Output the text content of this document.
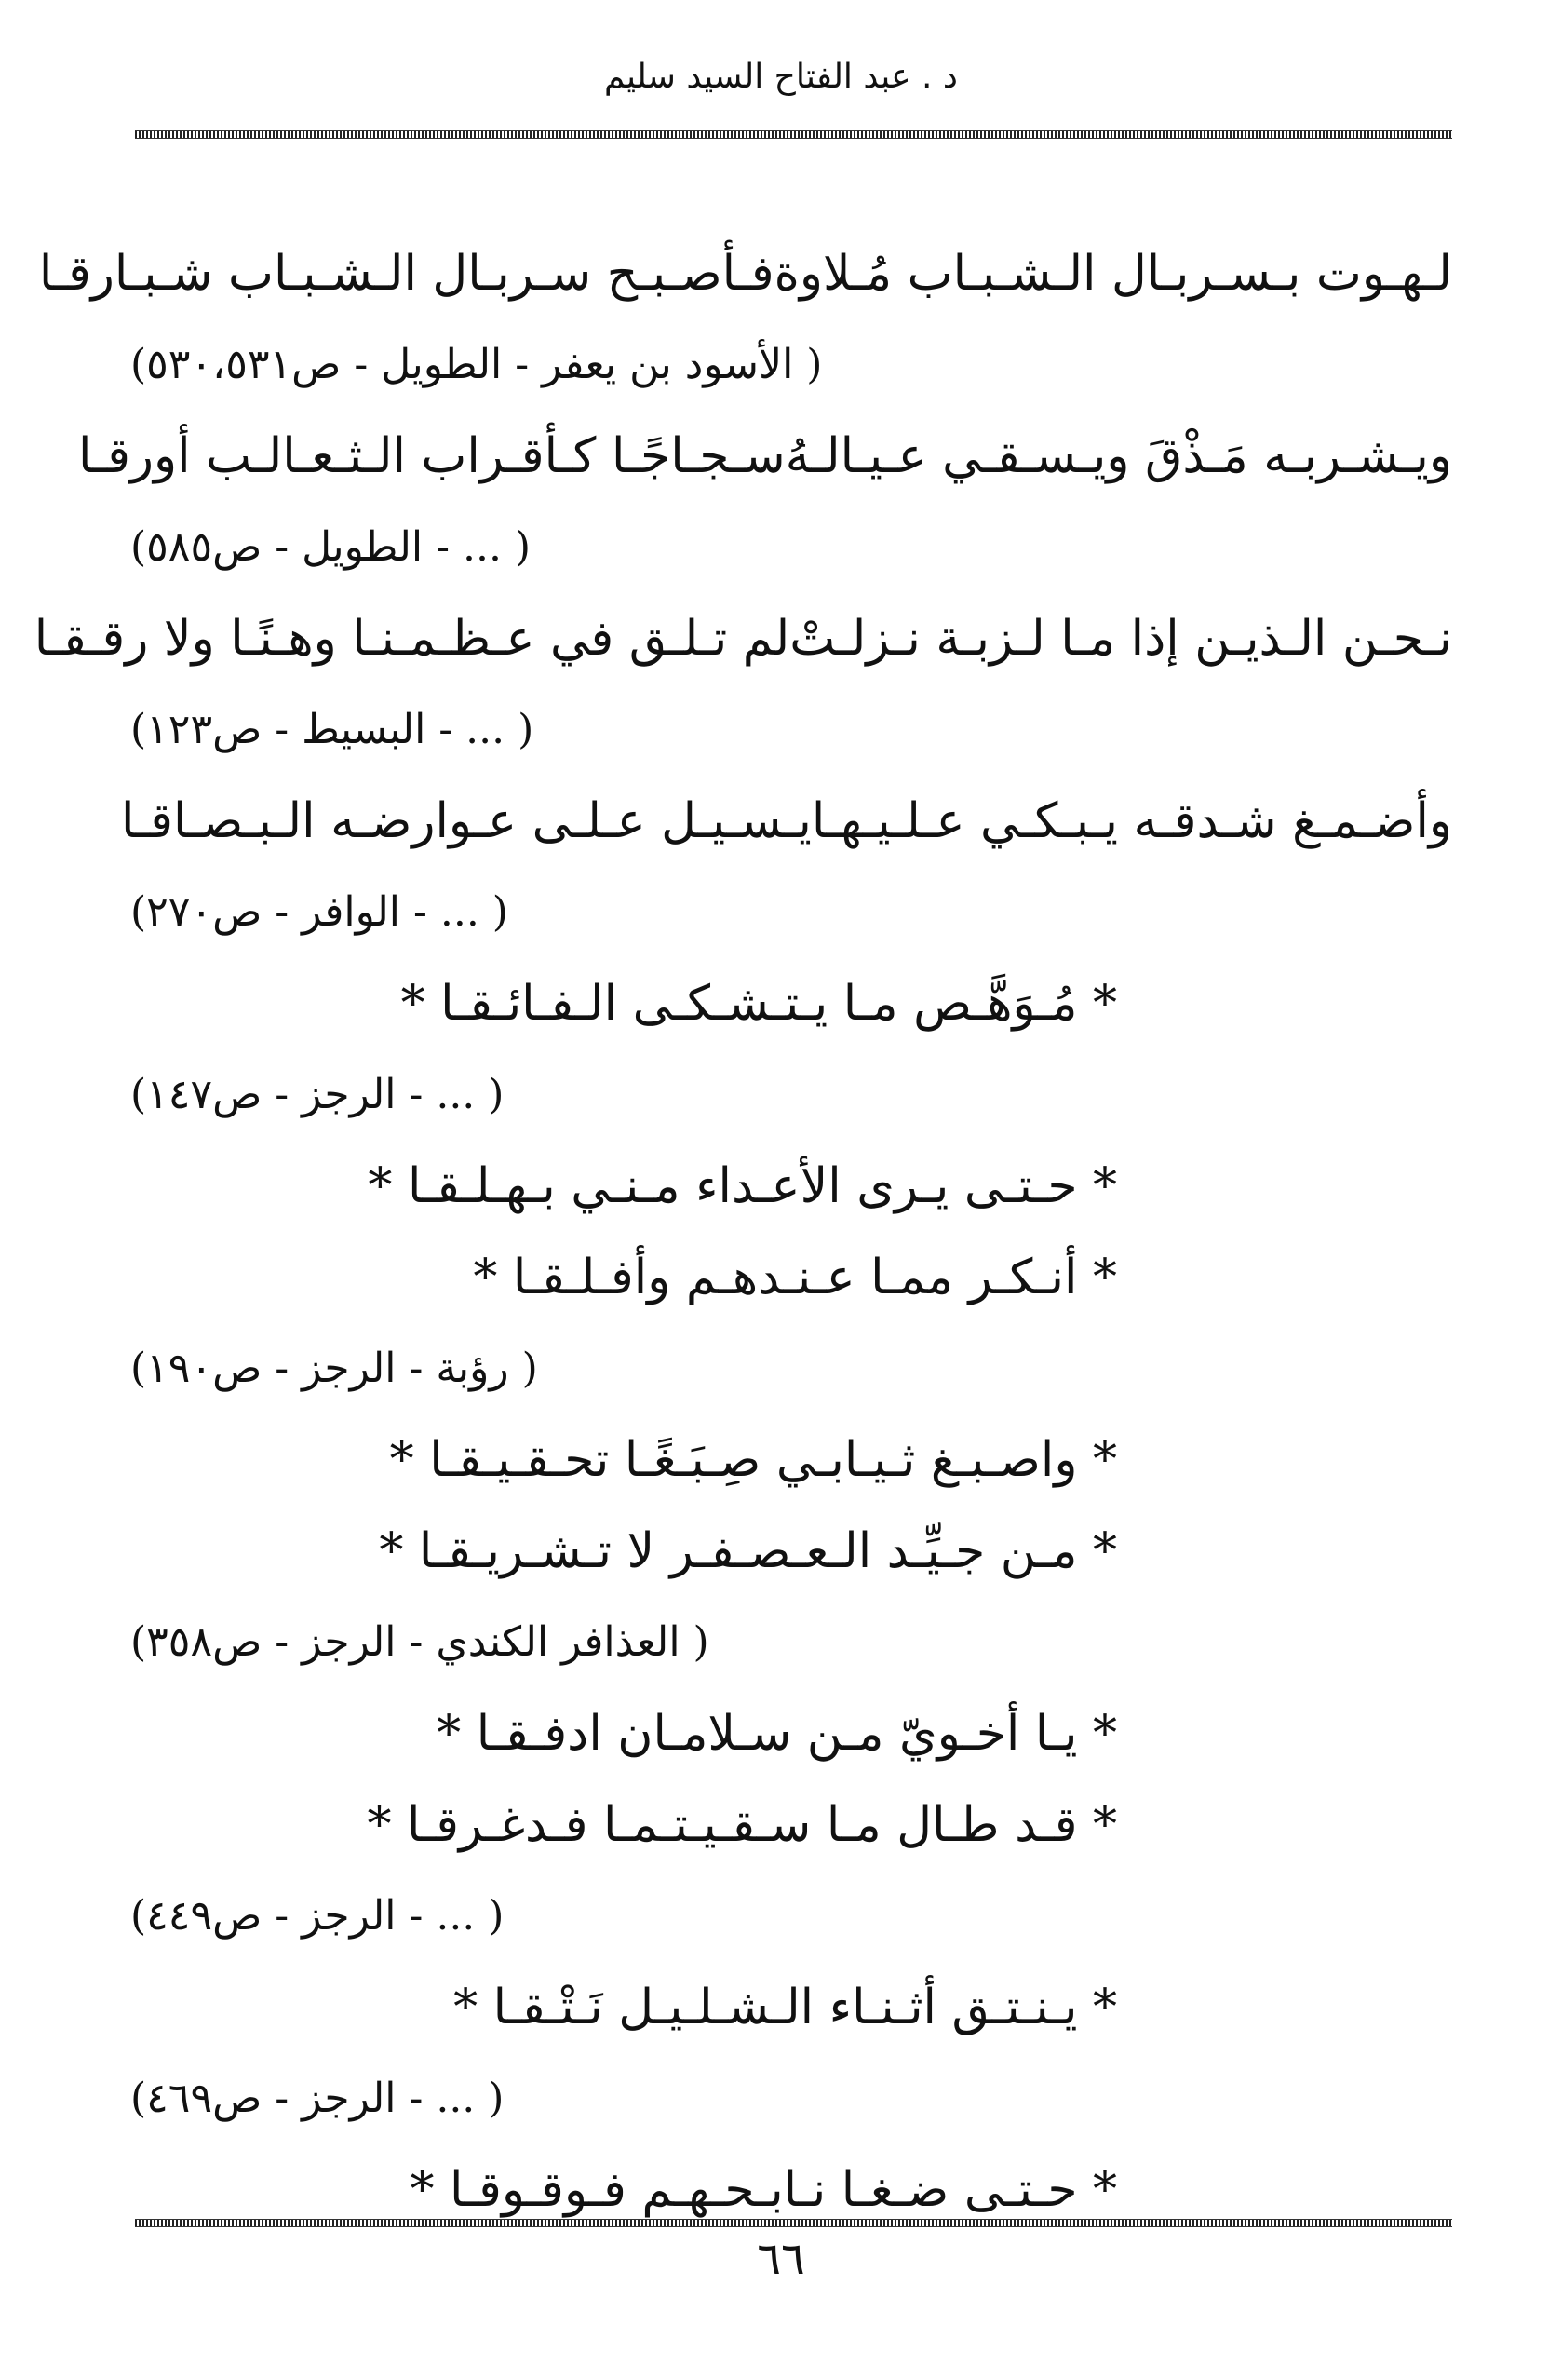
د . عبد الفتاح السيد سليم
لـهـوت بـسـربـال الـشـبـاب مُـلاوة
فـأصـبـح سـربـال الـشـبـاب شـبـارقـا
( الأسود بن يعفر - الطويل - ص٥٣٠،٥٣١)
ويـشـربـه مَـذْقَ ويـسـقـي عـيـالـهُ
سـجـاجًـا كـأقـراب الـثـعـالـب أورقـا
( ... - الطويل - ص٥٨٥)
نـحـن الـذيـن إذا مـا لـزبـة نـزلـتْ
لم تـلـق في عـظـمـنـا وهـنًـا ولا رقـقـا
( ... - البسيط - ص١٢٣)
وأضـمـغ شـدقـه يـبـكـي عـلـيـهـا
يـسـيـل عـلـى عـوارضـه الـبـصـاقـا
( ... - الوافر - ص٢٧٠)
* مُـوَهَّـص مـا يـتـشـكـى الـفـائـقـا *
( ... - الرجز - ص١٤٧)
* حـتـى يـرى الأعـداء مـنـي بـهـلـقـا *
* أنـكـر ممـا عـنـدهـم وأفـلـقـا *
( رؤبة - الرجز - ص١٩٠)
* واصـبـغ ثـيـابـي صِـبَـغًـا تحـقـيـقـا *
* مـن جـيِّـد الـعـصـفـر لا تـشـريـقـا *
( العذافر الكندي - الرجز - ص٣٥٨)
* يـا أخـويّ مـن سـلامـان ادفـقـا *
* قـد طـال مـا سـقـيـتـمـا فـدغـرقـا *
( ... - الرجز - ص٤٤٩)
* يـنـتـق أثـنـاء الـشـلـيـل نَـتْـقـا *
( ... - الرجز - ص٤٦٩)
* حـتـى ضـغـا نـابـحـهـم فـوقـوقـا *
٦٦
